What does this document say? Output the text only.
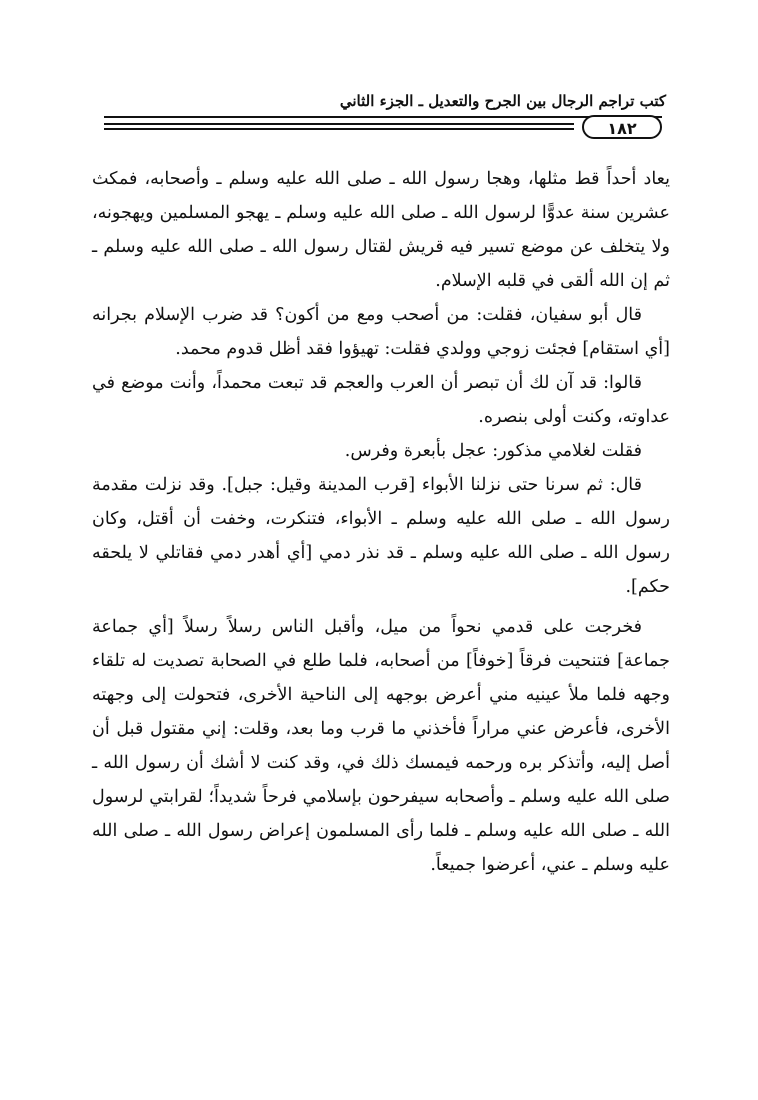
كتب تراجم الرجال بين الجرح والتعديل ـ الجزء الثاني
١٨٢

يعاد أحداً قط مثلها، وهجا رسول الله ـ صلى الله عليه وسلم ـ وأصحابه، فمكث عشرين سنة عدوًّا لرسول الله ـ صلى الله عليه وسلم ـ يهجو المسلمين ويهجونه، ولا يتخلف عن موضع تسير فيه قريش لقتال رسول الله ـ صلى الله عليه وسلم ـ ثم إن الله ألقى في قلبه الإسلام.

قال أبو سفيان، فقلت: من أصحب ومع من أكون؟ قد ضرب الإسلام بجرانه [أي استقام] فجئت زوجي وولدي فقلت: تهيؤوا فقد أظل قدوم محمد.

قالوا: قد آن لك أن تبصر أن العرب والعجم قد تبعت محمداً، وأنت موضع في عداوته، وكنت أولى بنصره.

فقلت لغلامي مذكور: عجل بأبعرة وفرس.

قال: ثم سرنا حتى نزلنا الأبواء [قرب المدينة وقيل: جبل]. وقد نزلت مقدمة رسول الله ـ صلى الله عليه وسلم ـ الأبواء، فتنكرت، وخفت أن أقتل، وكان رسول الله ـ صلى الله عليه وسلم ـ قد نذر دمي [أي أهدر دمي فقاتلي لا يلحقه حكم].

فخرجت على قدمي نحواً من ميل، وأقبل الناس رسلاً رسلاً [أي جماعة جماعة] فتنحيت فرقاً [خوفاً] من أصحابه، فلما طلع في الصحابة تصديت له تلقاء وجهه فلما ملأ عينيه مني أعرض بوجهه إلى الناحية الأخرى، فتحولت إلى وجهته الأخرى، فأعرض عني مراراً فأخذني ما قرب وما بعد، وقلت: إني مقتول قبل أن أصل إليه، وأتذكر بره ورحمه فيمسك ذلك في، وقد كنت لا أشك أن رسول الله ـ صلى الله عليه وسلم ـ وأصحابه سيفرحون بإسلامي فرحاً شديداً؛ لقرابتي لرسول الله ـ صلى الله عليه وسلم ـ فلما رأى المسلمون إعراض رسول الله ـ صلى الله عليه وسلم ـ عني، أعرضوا جميعاً.
